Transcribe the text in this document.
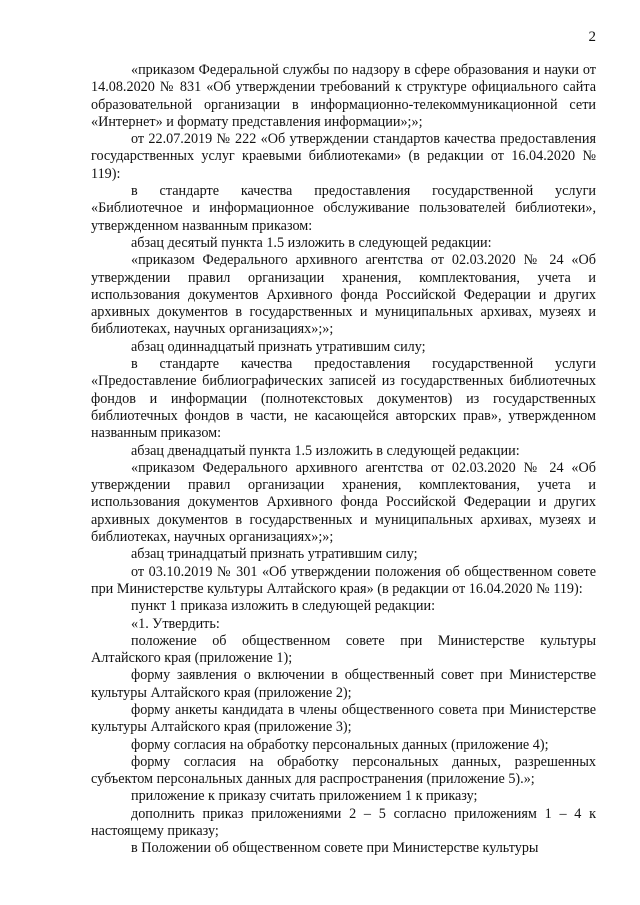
2

«приказом Федеральной службы по надзору в сфере образования и науки от 14.08.2020 № 831 «Об утверждении требований к структуре официального сайта образовательной организации в информационно-телекоммуникационной сети «Интернет» и формату представления информации»;»;

от 22.07.2019 № 222 «Об утверждении стандартов качества предоставления государственных услуг краевыми библиотеками» (в редакции от 16.04.2020 № 119):

в стандарте качества предоставления государственной услуги «Библиотечное и информационное обслуживание пользователей библиотеки», утвержденном названным приказом:

абзац десятый пункта 1.5 изложить в следующей редакции:

«приказом Федерального архивного агентства от 02.03.2020 № 24 «Об утверждении правил организации хранения, комплектования, учета и использования документов Архивного фонда Российской Федерации и других архивных документов в государственных и муниципальных архивах, музеях и библиотеках, научных организациях»;»;

абзац одиннадцатый признать утратившим силу;

в стандарте качества предоставления государственной услуги «Предоставление библиографических записей из государственных библиотечных фондов и информации (полнотекстовых документов) из государственных библиотечных фондов в части, не касающейся авторских прав», утвержденном названным приказом:

абзац двенадцатый пункта 1.5 изложить в следующей редакции:

«приказом Федерального архивного агентства от 02.03.2020 № 24 «Об утверждении правил организации хранения, комплектования, учета и использования документов Архивного фонда Российской Федерации и других архивных документов в государственных и муниципальных архивах, музеях и библиотеках, научных организациях»;»;

абзац тринадцатый признать утратившим силу;

от 03.10.2019 № 301 «Об утверждении положения об общественном совете при Министерстве культуры Алтайского края» (в редакции от 16.04.2020 № 119):

пункт 1 приказа изложить в следующей редакции:

«1. Утвердить:

положение об общественном совете при Министерстве культуры Алтайского края (приложение 1);

форму заявления о включении в общественный совет при Министерстве культуры Алтайского края (приложение 2);

форму анкеты кандидата в члены общественного совета при Министерстве культуры Алтайского края (приложение 3);

форму согласия на обработку персональных данных (приложение 4);

форму согласия на обработку персональных данных, разрешенных субъектом персональных данных для распространения (приложение 5).»;

приложение к приказу считать приложением 1 к приказу;

дополнить приказ приложениями 2 – 5 согласно приложениям 1 – 4 к настоящему приказу;

в Положении об общественном совете при Министерстве культуры
